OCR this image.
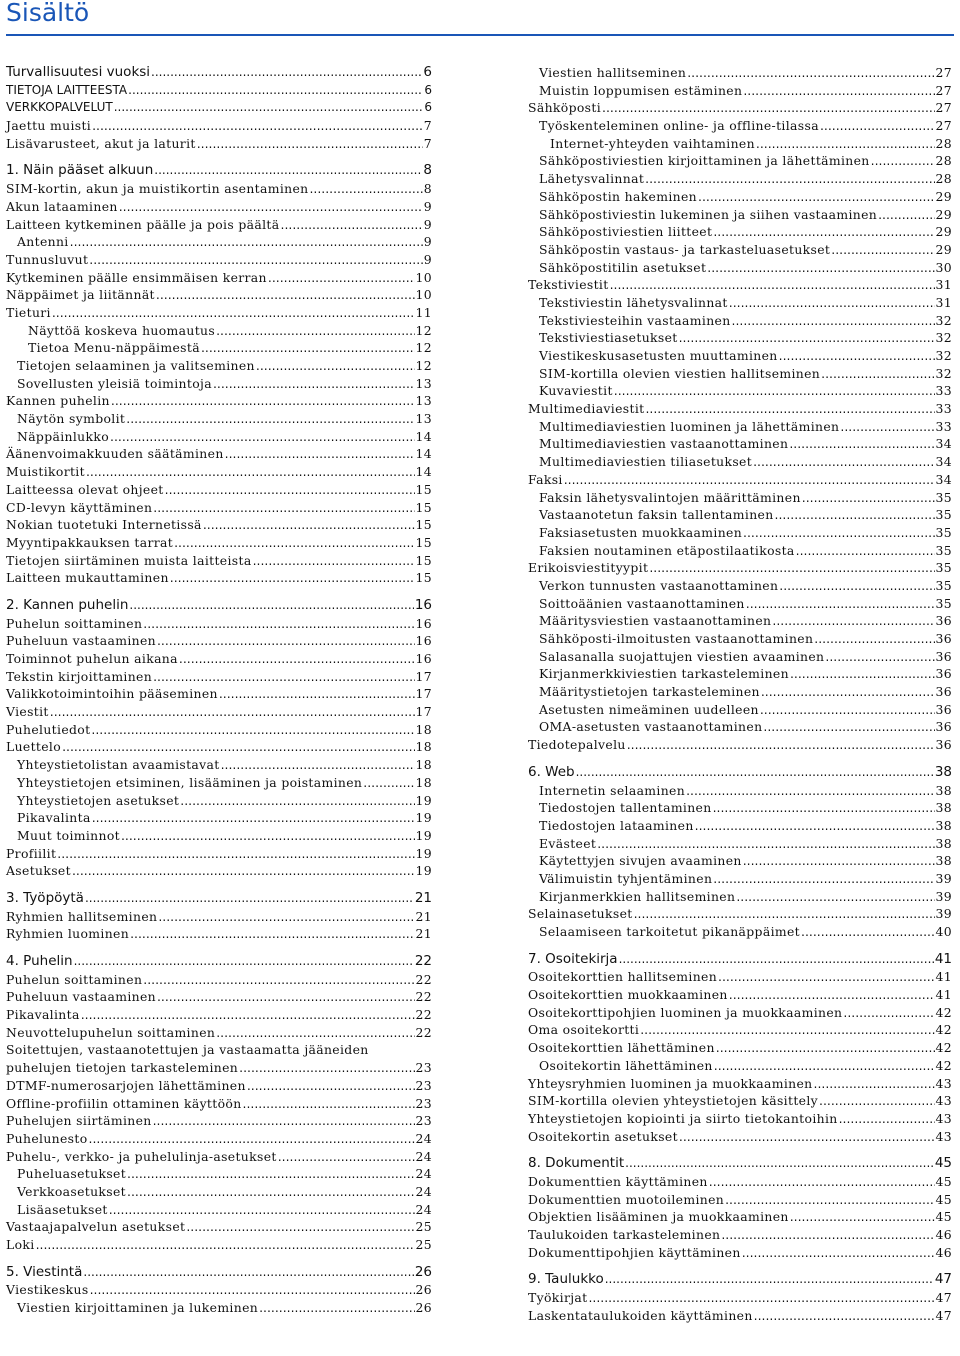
Sisältö
Turvallisuutesi vuoksi .....	6
TIETOJA LAITTEESTA .....	6
VERKKOPALVELUT .....	6
Jaettu muisti .....	7
Lisävarusteet, akut ja laturit .....	7
1. Näin pääset alkuun .....	8
SIM-kortin, akun ja muistikortin asentaminen .....	8
Akun lataaminen .....	9
Laitteen kytkeminen päälle ja pois päältä .....	9
Antenni .....	9
Tunnusluvut .....	9
Kytkeminen päälle ensimmäisen kerran .....	10
Näppäimet ja liitännät .....	10
Tieturi .....	11
Näyttöä koskeva huomautus .....	12
Tietoa Menu-näppäimestä .....	12
Tietojen selaaminen ja valitseminen .....	12
Sovellusten yleisiä toimintoja .....	13
Kannen puhelin .....	13
Näytön symbolit .....	13
Näppäinlukko .....	14
Äänenvoimakkuuden säätäminen .....	14
Muistikortit .....	14
Laitteessa olevat ohjeet .....	15
CD-levyn käyttäminen .....	15
Nokian tuotetuki Internetissä .....	15
Myyntipakkauksen tarrat .....	15
Tietojen siirtäminen muista laitteista .....	15
Laitteen mukauttaminen .....	15
2. Kannen puhelin .....	16
Puhelun soittaminen .....	16
Puheluun vastaaminen .....	16
Toiminnot puhelun aikana .....	16
Tekstin kirjoittaminen .....	17
Valikkotoimintoihin pääseminen .....	17
Viestit .....	17
Puhelutiedot .....	18
Luettelo .....	18
Yhteystietolistan avaamistavat .....	18
Yhteystietojen etsiminen, lisääminen ja poistaminen .....	18
Yhteystietojen asetukset .....	19
Pikavalinta .....	19
Muut toiminnot .....	19
Profiilit .....	19
Asetukset .....	19
3. Työpöytä .....	21
Ryhmien hallitseminen .....	21
Ryhmien luominen .....	21
4. Puhelin .....	22
Puhelun soittaminen .....	22
Puheluun vastaaminen .....	22
Pikavalinta .....	22
Neuvottelupuhelun soittaminen .....	22
Soitettujen, vastaanotettujen ja vastaamatta jääneiden
puhelujen tietojen tarkasteleminen .....	23
DTMF-numerosarjojen lähettäminen .....	23
Offline-profiilin ottaminen käyttöön .....	23
Puhelujen siirtäminen .....	23
Puhelunesto .....	24
Puhelu-, verkko- ja puhelulinja-asetukset .....	24
Puheluasetukset .....	24
Verkkoasetukset .....	24
Lisäasetukset .....	24
Vastaajapalvelun asetukset .....	25
Loki .....	25
5. Viestintä .....	26
Viestikeskus .....	26
Viestien kirjoittaminen ja lukeminen .....	26
Viestien hallitseminen .....	27
Muistin loppumisen estäminen .....	27
Sähköposti .....	27
Työskenteleminen online- ja offline-tilassa .....	27
Internet-yhteyden vaihtaminen .....	28
Sähköpostiviestien kirjoittaminen ja lähettäminen .....	28
Lähetysvalinnat .....	28
Sähköpostin hakeminen .....	29
Sähköpostiviestin lukeminen ja siihen vastaaminen .....	29
Sähköpostiviestien liitteet .....	29
Sähköpostin vastaus- ja tarkasteluasetukset .....	29
Sähköpostitilin asetukset .....	30
Tekstiviestit .....	31
Tekstiviestin lähetysvalinnat .....	31
Tekstiviesteihin vastaaminen .....	32
Tekstiviestiasetukset .....	32
Viestikeskusasetusten muuttaminen .....	32
SIM-kortilla olevien viestien hallitseminen .....	32
Kuvaviestit .....	33
Multimediaviestit .....	33
Multimediaviestien luominen ja lähettäminen .....	33
Multimediaviestien vastaanottaminen .....	34
Multimediaviestien tiliasetukset .....	34
Faksi .....	34
Faksin lähetysvalintojen määrittäminen .....	35
Vastaanotetun faksin tallentaminen .....	35
Faksiasetusten muokkaaminen .....	35
Faksien noutaminen etäpostilaatikosta .....	35
Erikoisviestityypit .....	35
Verkon tunnusten vastaanottaminen .....	35
Soittoäänien vastaanottaminen .....	35
Määritysviestien vastaanottaminen .....	36
Sähköposti-ilmoitusten vastaanottaminen .....	36
Salasanalla suojattujen viestien avaaminen .....	36
Kirjanmerkkiviestien tarkasteleminen .....	36
Määritystietojen tarkasteleminen .....	36
Asetusten nimeäminen uudelleen .....	36
OMA-asetusten vastaanottaminen .....	36
Tiedotepalvelu .....	36
6. Web .....	38
Internetin selaaminen .....	38
Tiedostojen tallentaminen .....	38
Tiedostojen lataaminen .....	38
Evästeet .....	38
Käytettyjen sivujen avaaminen .....	38
Välimuistin tyhjentäminen .....	39
Kirjanmerkkien hallitseminen .....	39
Selainasetukset .....	39
Selaamiseen tarkoitetut pikanäppäimet .....	40
7. Osoitekirja .....	41
Osoitekorttien hallitseminen .....	41
Osoitekorttien muokkaaminen .....	41
Osoitekorttipohjien luominen ja muokkaaminen .....	42
Oma osoitekortti .....	42
Osoitekorttien lähettäminen .....	42
Osoitekortin lähettäminen .....	42
Yhteysryhmien luominen ja muokkaaminen .....	43
SIM-kortilla olevien yhteystietojen käsittely .....	43
Yhteystietojen kopiointi ja siirto tietokantoihin .....	43
Osoitekortin asetukset .....	43
8. Dokumentit .....	45
Dokumenttien käyttäminen .....	45
Dokumenttien muotoileminen .....	45
Objektien lisääminen ja muokkaaminen .....	45
Taulukoiden tarkasteleminen .....	46
Dokumenttipohjien käyttäminen .....	46
9. Taulukko .....	47
Työkirjat .....	47
Laskentataulukoiden käyttäminen .....	47
